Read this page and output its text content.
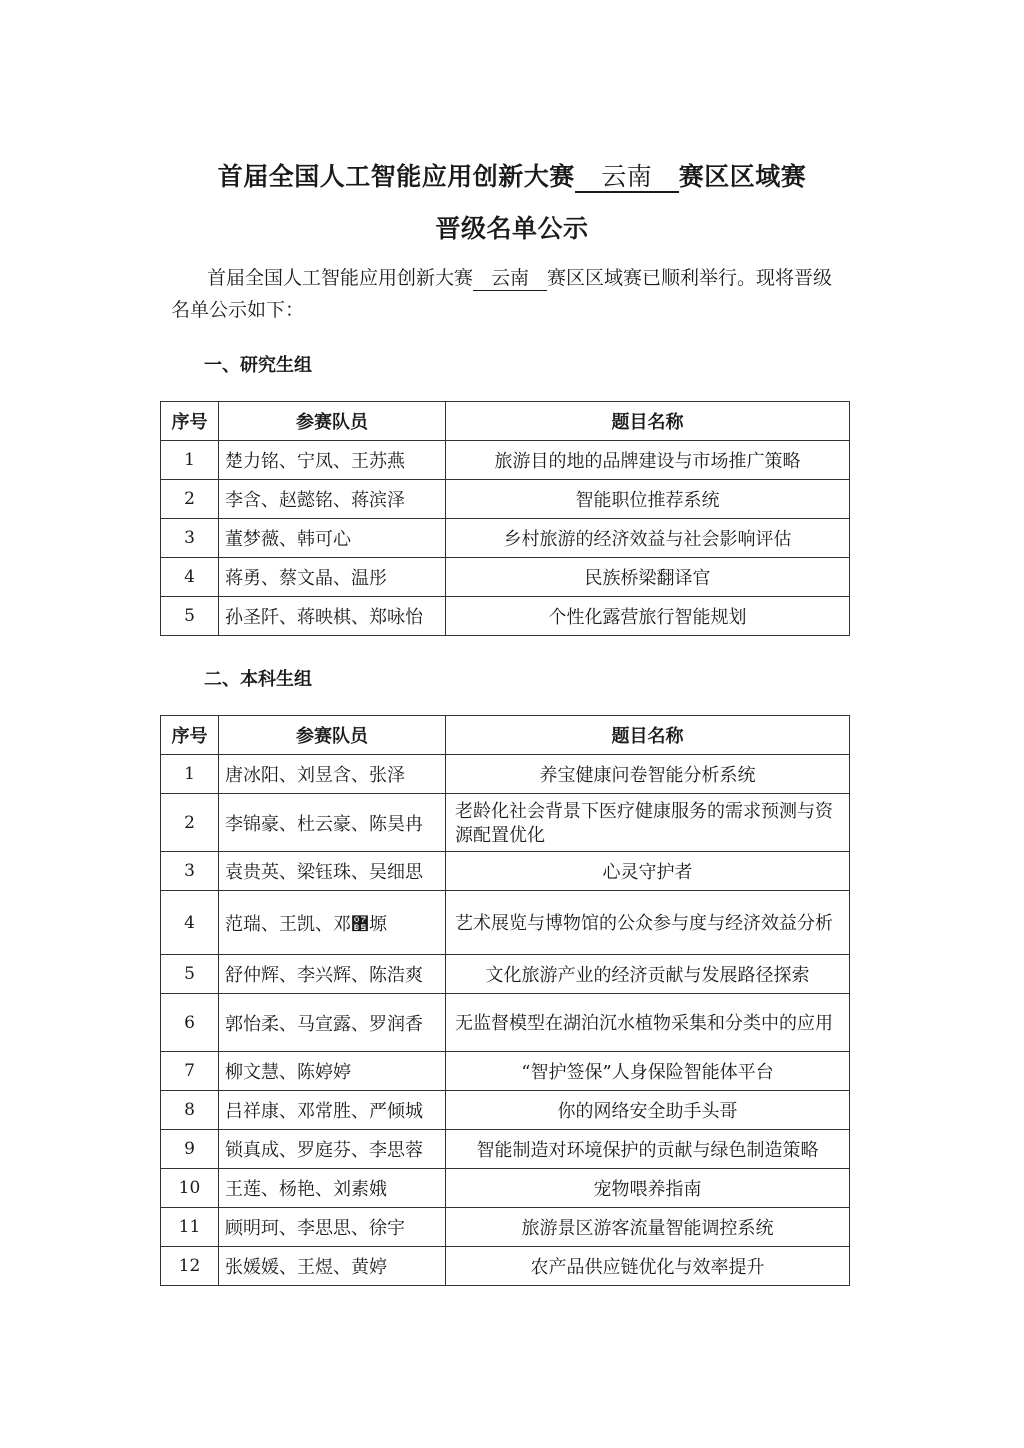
首届全国人工智能应用创新大赛 云南 赛区区域赛
晋级名单公示
首届全国人工智能应用创新大赛 云南 赛区区域赛已顺利举行。现将晋级
名单公示如下：
一、研究生组
序号	参赛队员	题目名称
1	楚力铭、宁凤、王苏燕	旅游目的地的品牌建设与市场推广策略
2	李含、赵懿铭、蒋滨泽	智能职位推荐系统
3	董梦薇、韩可心	乡村旅游的经济效益与社会影响评估
4	蒋勇、蔡文晶、温彤	民族桥梁翻译官
5	孙圣阡、蒋映棋、郑咏怡	个性化露营旅行智能规划
二、本科生组
序号	参赛队员	题目名称
1	唐冰阳、刘昱含、张泽	养宝健康问卷智能分析系统
2	李锦豪、杜云豪、陈昊冉	老龄化社会背景下医疗健康服务的需求预测与资源配置优化
3	袁贵英、梁钰珠、吴细思	心灵守护者
4	范瑞、王凯、邓޵塬	艺术展览与博物馆的公众参与度与经济效益分析
5	舒仲辉、李兴辉、陈浩爽	文化旅游产业的经济贡献与发展路径探索
6	郭怡柔、马宣露、罗润香	无监督模型在湖泊沉水植物采集和分类中的应用
7	柳文慧、陈婷婷	“智护签保”人身保险智能体平台
8	吕祥康、邓常胜、严倾城	你的网络安全助手头哥
9	锁真成、罗庭芬、李思蓉	智能制造对环境保护的贡献与绿色制造策略
10	王莲、杨艳、刘素娥	宠物喂养指南
11	顾明珂、李思思、徐宇	旅游景区游客流量智能调控系统
12	张媛媛、王煜、黄婷	农产品供应链优化与效率提升
